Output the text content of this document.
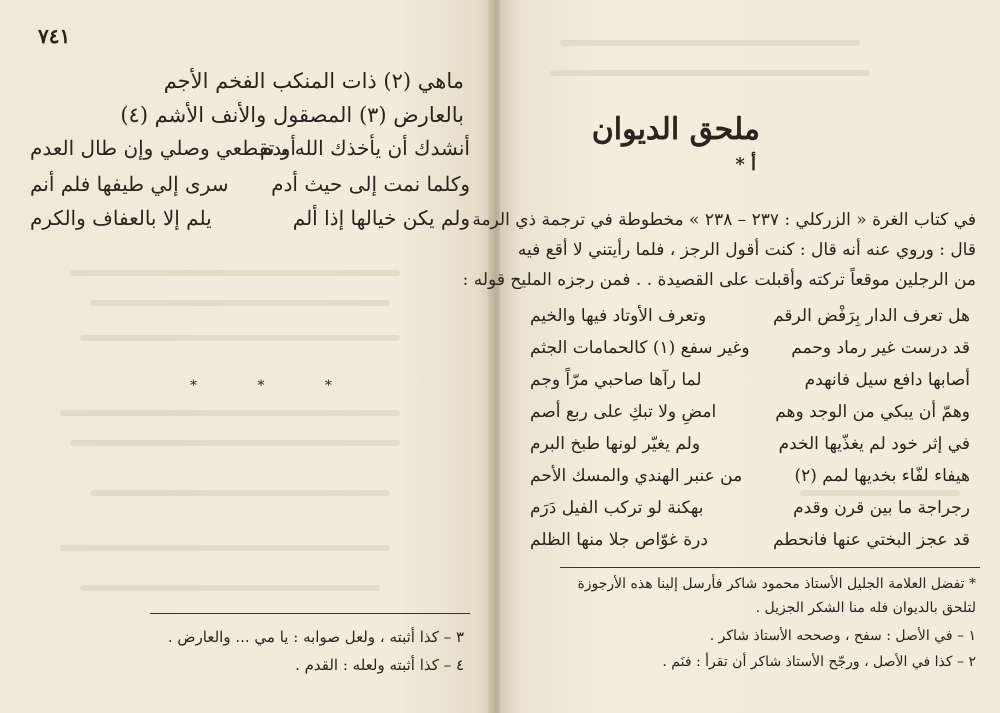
٧٤١
ماهي (٢) ذات المنكب الفخم الأجم
بالعارض (٣) المصقول والأنف الأشم (٤)
أنشدك أن يأخذك الله بدم
أو تقطعي وصلي وإن طال العدم
وكلما نمت إلى حيث أدم
سرى إلي طيفها فلم أنم
ولم يكن خيالها إذا ألم
يلم إلا بالعفاف والكرم
* * *
٣ – كذا أثبته ، ولعل صوابه : يا مي ... والعارض .
٤ – كذا أثبته ولعله : القدم .
ملحق الديوان
أ *
في كتاب الغرة « الزركلي : ٢٣٧ – ٢٣٨ » مخطوطة في ترجمة ذي الرمة
قال : وروي عنه أنه قال : كنت أقول الرجز ، فلما رأيتني لا أقع فيه
من الرجلين موقعاً تركته وأقبلت على القصيدة . . فمن رجزه المليح قوله :
هل تعرف الدار بِرَفْض الرقم
وتعرف الأوتاد فيها والخيم
قد درست غير رماد وحمم
وغير سفع (١) كالحمامات الجثم
أصابها دافع سيل فانهدم
لما رآها صاحبي مرّاً وجم
وهمّ أن يبكي من الوجد وهم
امضِ ولا تبكِ على ربع أصم
في إثر خود لم يغذّيها الخدم
ولم يغيّر لونها طبخ البرم
هيفاء لفّاء بخديها لمم (٢)
من عنبر الهندي والمسك الأحم
رجراجة ما بين قرن وقدم
بهكنة لو تركب الفيل دَرَم
قد عجز البختي عنها فانحطم
درة غوّاص جلا منها الظلم
* تفضل العلامة الجليل الأستاذ محمود شاكر فأرسل إلينا هذه الأرجوزة
لتلحق بالديوان فله منا الشكر الجزيل .
١ – في الأصل : سفح ، وصححه الأستاذ شاكر .
٢ – كذا في الأصل ، ورجّح الأستاذ شاكر أن تقرأ : فنَم .
